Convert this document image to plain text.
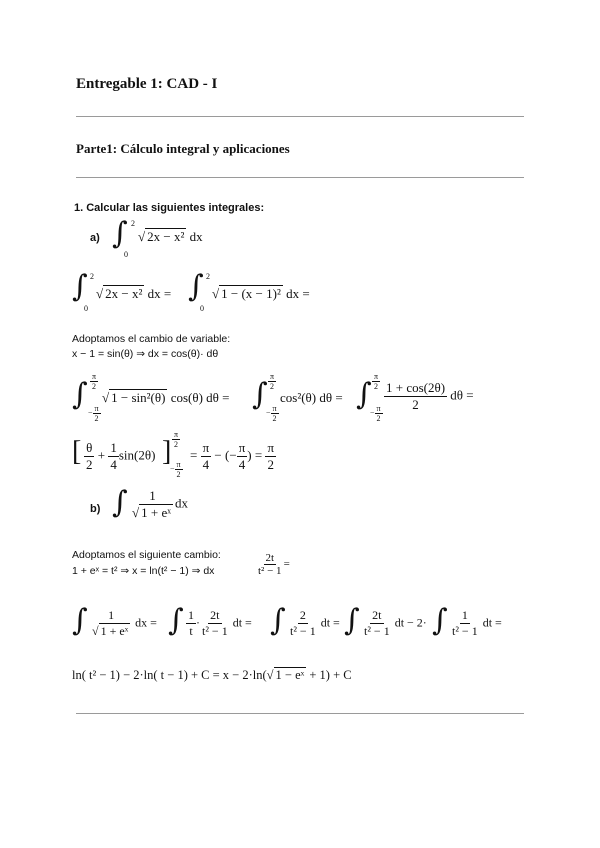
Entregable 1: CAD - I
Parte1: Cálculo integral y aplicaciones
1. Calcular las siguientes integrales:
a) ∫ 2
0
√ 2x − x² dx
∫ 2
0
√ 2x − x² dx = ∫ 2
0
√ 1 − (x − 1)² dx =
Adoptamos el cambio de variable:
x − 1 = sin(θ) ⇒ dx = cos(θ)· dθ
∫ $\frac{\pi}{2}$
− $\frac{\pi}{2}$
√ 1 − sin²(θ) cos(θ) dθ = ∫ $\frac{\pi}{2}$
− $\frac{\pi}{2}$
cos²(θ) dθ = ∫ $\frac{\pi}{2}$
− $\frac{\pi}{2}$
$\frac{1 + \cos(2\theta)}{2}$ dθ =
[ $\frac{\theta}{2} + \frac{1}{4} \sin(2\theta)$ ] $\frac{\pi}{2}$
− $\frac{\pi}{2}$
= $\frac{\pi}{4}$ − (− $\frac{\pi}{4}$ ) = $\frac{\pi}{2}$
b) ∫ $\frac{1}{\text{√ 1 + eˣ}}$ dx
Adoptamos el siguiente cambio:
1 + eˣ = t² ⇒ x = ln(t² − 1) ⇒ dx	$\frac{2t}{\text{t² − 1}}$ =
∫ $\frac{1}{\text{√ 1 + eˣ}}$ dx = ∫ $\frac{1}{t} \cdot \frac{2t}{\text{t² − 1}}$ dt = ∫ $\frac{2}{\text{t² − 1}}$ dt = ∫ $\frac{2t}{\text{t² − 1}}$ dt − 2· ∫ $\frac{1}{\text{t² − 1}}$ dt =
ln( t² − 1) − 2·ln( t − 1) + C = x − 2·ln(√ 1 − eˣ + 1) + C
